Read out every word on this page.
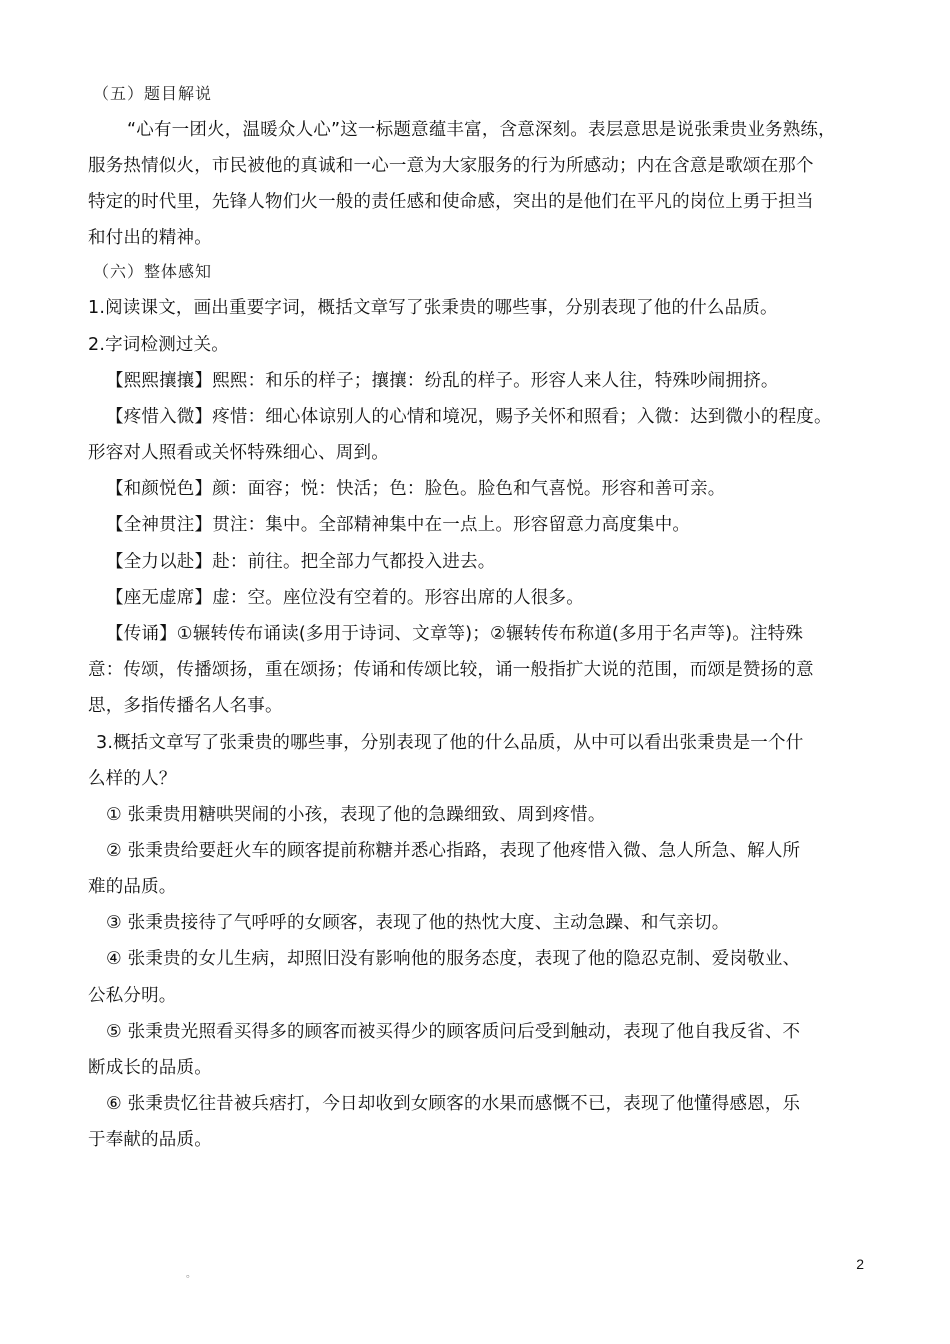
（五）题目解说
“心有一团火，温暖众人心”这一标题意蕴丰富，含意深刻。表层意思是说张秉贵业务熟练，
服务热情似火，市民被他的真诚和一心一意为大家服务的行为所感动；内在含意是歌颂在那个
特定的时代里，先锋人物们火一般的责任感和使命感，突出的是他们在平凡的岗位上勇于担当
和付出的精神。
（六）整体感知
1.阅读课文，画出重要字词，概括文章写了张秉贵的哪些事，分别表现了他的什么品质。
2.字词检测过关。
【熙熙攘攘】熙熙：和乐的样子；攘攘：纷乱的样子。形容人来人往，特殊吵闹拥挤。
【疼惜入微】疼惜：细心体谅别人的心情和境况，赐予关怀和照看；入微：达到微小的程度。
形容对人照看或关怀特殊细心、周到。
【和颜悦色】颜：面容；悦：快活；色：脸色。脸色和气喜悦。形容和善可亲。
【全神贯注】贯注：集中。全部精神集中在一点上。形容留意力高度集中。
【全力以赴】赴：前往。把全部力气都投入进去。
【座无虚席】虚：空。座位没有空着的。形容出席的人很多。
【传诵】①辗转传布诵读(多用于诗词、文章等)；②辗转传布称道(多用于名声等)。注特殊
意：传颂，传播颂扬，重在颂扬；传诵和传颂比较，诵一般指扩大说的范围，而颂是赞扬的意
思，多指传播名人名事。
3.概括文章写了张秉贵的哪些事，分别表现了他的什么品质，从中可以看出张秉贵是一个什
么样的人？
① 张秉贵用糖哄哭闹的小孩，表现了他的急躁细致、周到疼惜。
② 张秉贵给要赶火车的顾客提前称糖并悉心指路，表现了他疼惜入微、急人所急、解人所
难的品质。
③ 张秉贵接待了气呼呼的女顾客，表现了他的热忱大度、主动急躁、和气亲切。
④ 张秉贵的女儿生病，却照旧没有影响他的服务态度，表现了他的隐忍克制、爱岗敬业、
公私分明。
⑤ 张秉贵光照看买得多的顾客而被买得少的顾客质问后受到触动，表现了他自我反省、不
断成长的品质。
⑥ 张秉贵忆往昔被兵痞打，今日却收到女顾客的水果而感慨不已，表现了他懂得感恩，乐
于奉献的品质。
。
2
